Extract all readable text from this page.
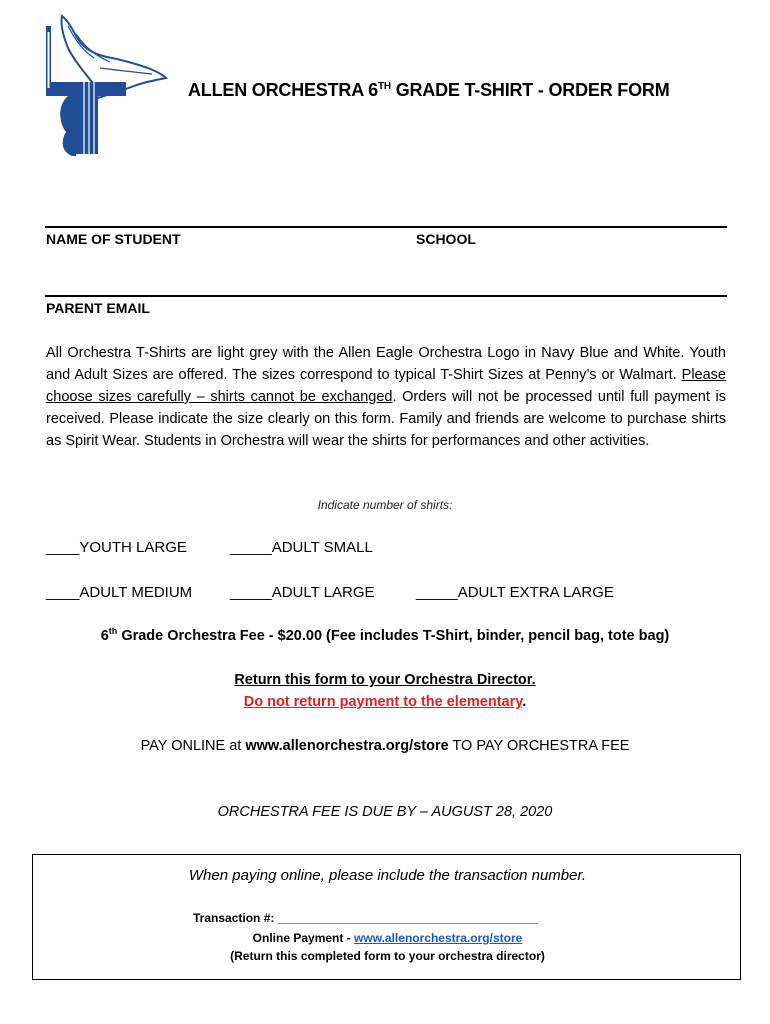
ALLEN ORCHESTRA 6TH GRADE T-SHIRT - ORDER FORM
NAME OF STUDENT	SCHOOL
PARENT EMAIL
All Orchestra T-Shirts are light grey with the Allen Eagle Orchestra Logo in Navy Blue and White. Youth and Adult Sizes are offered. The sizes correspond to typical T-Shirt Sizes at Penny’s or Walmart. Please choose sizes carefully – shirts cannot be exchanged. Orders will not be processed until full payment is received. Please indicate the size clearly on this form. Family and friends are welcome to purchase shirts as Spirit Wear. Students in Orchestra will wear the shirts for performances and other activities.
Indicate number of shirts:
____YOUTH LARGE	_____ADULT SMALL
____ADULT MEDIUM	_____ADULT LARGE	_____ADULT EXTRA LARGE
6th Grade Orchestra Fee - $20.00 (Fee includes T-Shirt, binder, pencil bag, tote bag)
Return this form to your Orchestra Director.
Do not return payment to the elementary.
PAY ONLINE at www.allenorchestra.org/store TO PAY ORCHESTRA FEE
ORCHESTRA FEE IS DUE BY – AUGUST 28, 2020
When paying online, please include the transaction number.
Transaction #: _______________________________________
Online Payment - www.allenorchestra.org/store
(Return this completed form to your orchestra director)
